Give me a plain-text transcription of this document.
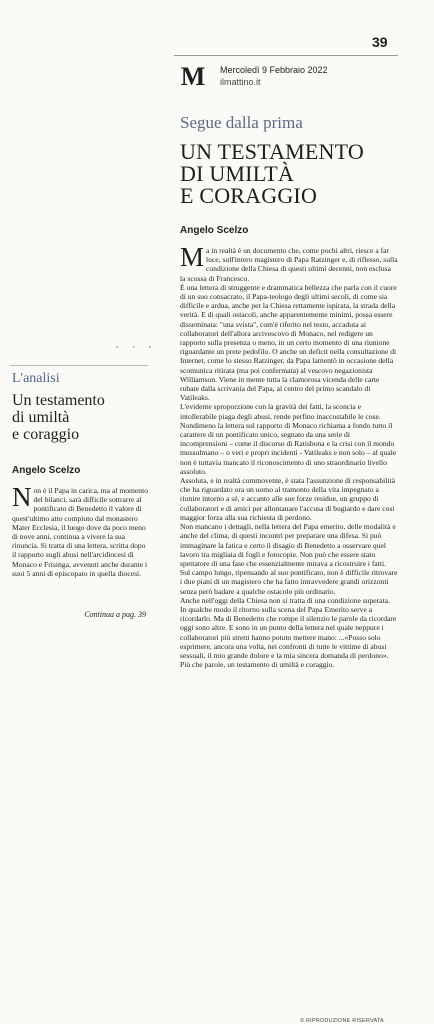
39
M Mercoledì 9 Febbraio 2022
ilmattino.it
Segue dalla prima
UN TESTAMENTO
DI UMILTÀ
E CORAGGIO
Angelo Scelzo

Ma in realtà è un documento che, come pochi altri, riesce a far luce, sull'intero magistero di Papa Ratzinger e, di riflesso, sulla condizione della Chiesa di questi ultimi decenni, non esclusa la scossa di Francesco.

È una lettera di struggente e drammatica bellezza che parla con il cuore di un suo consacrato, il Papa-teologo degli ultimi secoli, di come sia difficile e ardua, anche per la Chiesa rettamente ispirata, la strada della verità. E di quali ostacoli, anche apparentemente minimi, possa essere disseminata: "una svista", com'è riferito nel testo, accaduta ai collaboratori dell'allora arcivescovo di Monaco, nel redigere un rapporto sulla presenza o meno, in un certo momento di una riunione riguardante un prete pedofilo. O anche un deficit nella consultazione di Internet, come lo stesso Ratzinger, da Papa lamentò in occasione della scomunica ritirata (ma poi confermata) al vescovo negazionista Williamson. Viene in mente tutta la clamorosa vicenda delle carte rubate dalla scrivania del Papa, al centro del primo scandalo di Vatileaks.

L'evidente sproporzione con la gravità dei fatti, la sconcia e intollerabile piaga degli abusi, rende perfino inaccostabile le cose.

Nondimeno la lettera sul rapporto di Monaco richiama a fondo tutto il carattere di un pontificato unico, segnato da una serie di incomprensioni – come il discorso di Ratisbona e la crisi con il mondo mussulmano – o veri e propri incidenti - Vatileaks e non solo – al quale non è tuttavia mancato il riconoscimento di uno straordinario livello assoluto.

Assoluta, e in realtà commovente, è stata l'assunzione di responsabilità che ha riguardato ora un uomo al tramonto della vita impegnato a riunire intorno a sé, e accanto alle sue forze residue, un gruppo di collaboratori e di amici per allontanare l'accusa di bugiardo e dare così maggior forza alla sua richiesta di perdono.

Non mancano i dettagli, nella lettera del Papa emerito, delle modalità e anche del clima, di questi incontri per preparare una difesa. Si può immaginare la fatica e certo il disagio di Benedetto a osservare quel lavoro tra migliaia di fogli e fotocopie. Non può che essere stato spettatore di una fase che essenzialmente mirava a ricostruire i fatti. Sul campo lungo, ripensando al suo pontificato, non è difficile ritrovare i due piani di un magistero che ha fatto intravvedere grandi orizzonti senza però badare a qualche ostacolo più ordinario.

Anche nell'oggi della Chiesa non si tratta di una condizione superata. In qualche modo il ritorno sulla scena del Papa Emerito serve a ricordarlo. Ma di Benedetto che rompe il silenzio le parole da ricordare oggi sono altre. E sono in un punto della lettera nel quale neppure i collaboratori più stretti hanno potuto mettere mano: ...«Posso solo esprimere, ancora una volta, nei confronti di tutte le vittime di abusi sessuali, il mio grande dolore e la mia sincera domanda di perdono».

Più che parole, un testamento di umiltà e coraggio.

© RIPRODUZIONE RISERVATA
◦ ◦ ◦
L'analisi
Un testamento
di umiltà
e coraggio
Angelo Scelzo

Non è il Papa in carica, ma al momento del bilanci, sarà difficile sottrarre al pontificato di Benedetto il valore di quest'ultimo atto compiuto dal monastero Mater Ecclesia, il luogo dove da poco meno di nove anni, continua a vivere la sua rinuncia. Si tratta di una lettera, scritta dopo il rapporto sugli abusi nell'arcidiocesi di Monaco e Frisinga, avvenuti anche durante i suoi 5 anni di episcopato in quella diocesi.

Continua a pag. 39
